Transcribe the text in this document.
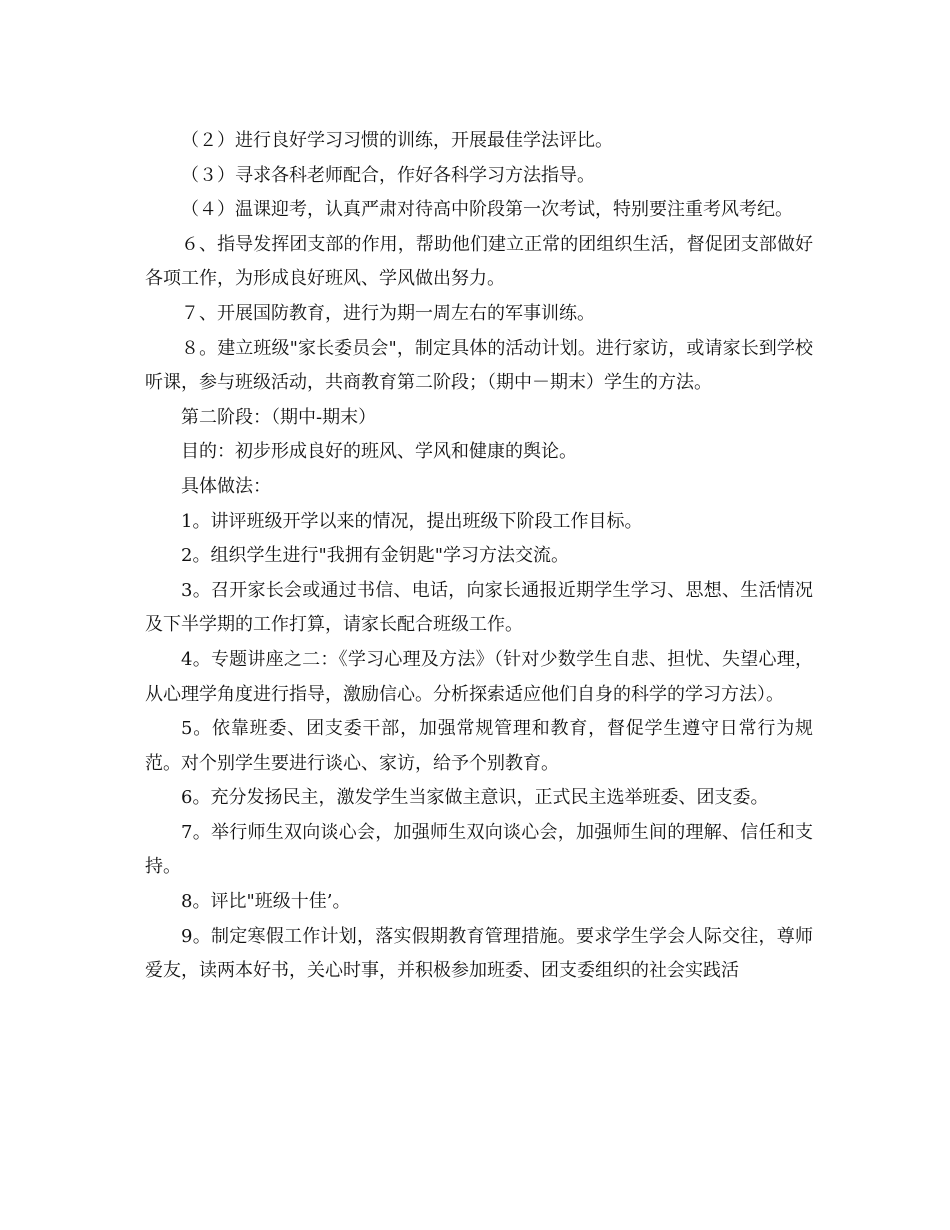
（２）进行良好学习习惯的训练，开展最佳学法评比。

（３）寻求各科老师配合，作好各科学习方法指导。

（４）温课迎考，认真严肃对待高中阶段第一次考试，特别要注重考风考纪。

６、指导发挥团支部的作用，帮助他们建立正常的团组织生活，督促团支部做好各项工作，为形成良好班风、学风做出努力。

７、开展国防教育，进行为期一周左右的军事训练。

８。建立班级"家长委员会"，制定具体的活动计划。进行家访，或请家长到学校听课，参与班级活动，共商教育第二阶段；（期中－期末）学生的方法。

第二阶段：（期中-期末）

目的：初步形成良好的班风、学风和健康的舆论。

具体做法：

1。讲评班级开学以来的情况，提出班级下阶段工作目标。

2。组织学生进行"我拥有金钥匙"学习方法交流。

3。召开家长会或通过书信、电话，向家长通报近期学生学习、思想、生活情况及下半学期的工作打算，请家长配合班级工作。

4。专题讲座之二：《学习心理及方法》（针对少数学生自悲、担忧、失望心理，从心理学角度进行指导，激励信心。分析探索适应他们自身的科学的学习方法）。

5。依靠班委、团支委干部，加强常规管理和教育，督促学生遵守日常行为规范。对个别学生要进行谈心、家访，给予个别教育。

6。充分发扬民主，激发学生当家做主意识，正式民主选举班委、团支委。

7。举行师生双向谈心会，加强师生双向谈心会，加强师生间的理解、信任和支持。

8。评比"班级十佳’。

9。制定寒假工作计划，落实假期教育管理措施。要求学生学会人际交往，尊师爱友，读两本好书，关心时事，并积极参加班委、团支委组织的社会实践活
